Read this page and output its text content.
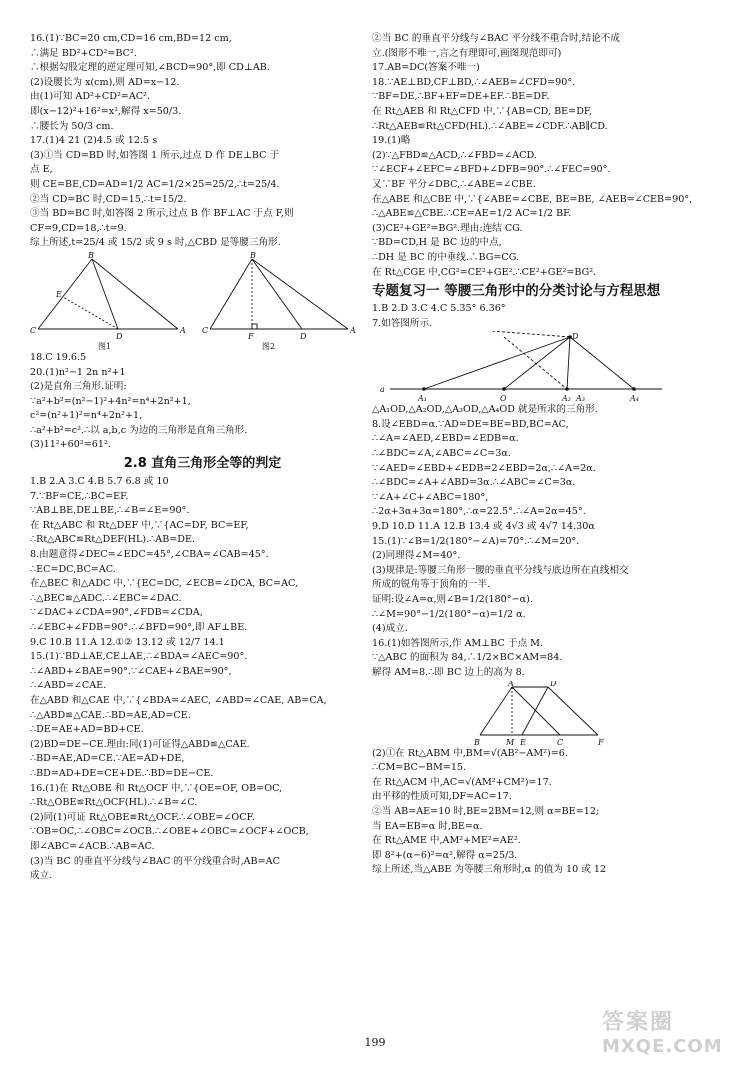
16.(1)∵BC=20 cm,CD=16 cm,BD=12 cm,
∴满足 BD²+CD²=BC².
∴根据勾股定理的逆定理可知,∠BCD=90°,即 CD⊥AB.
(2)设腰长为 x(cm),则 AD=x−12.
由(1)可知 AD²+CD²=AC².
即(x−12)²+16²=x²,解得 x=50/3.
∴腰长为 50/3 cm.
17.(1)4 21 (2)4.5 或 12.5 s
(3)①当 CD=BD 时,如答图 1 所示,过点 D 作 DE⊥BC 于
点 E,
则 CE=BE,CD=AD=1/2 AC=1/2×25=25/2,∴t=25/4.
②当 CD=BC 时,CD=15,∴t=15/2.
③当 BD=BC 时,如答图 2 所示,过点 B 作 BF⊥AC 于点 F,则
CF=9,CD=18,∴t=9.
综上所述,t=25/4 或 15/2 或 9 s 时,△CBD 是等腰三角形.
B
E
C
D
A
图1
B
C
F	D
A
图2
18.C 19.6.5
20.(1)n²−1 2n n²+1
(2)是直角三角形.证明:
∵a²+b²=(n²−1)²+4n²=n⁴+2n²+1,
c²=(n²+1)²=n⁴+2n²+1,
∴a²+b²=c².∴以 a,b,c 为边的三角形是直角三角形.
(3)11²+60²=61².
2.8 直角三角形全等的判定
1.B 2.A 3.C 4.B 5.7 6.8 或 10
7.∵BF=CE,∴BC=EF.
∵AB⊥BE,DE⊥BE,∴∠B=∠E=90°.
在 Rt△ABC 和 Rt△DEF 中,∵{AC=DF, BC=EF,
∴Rt△ABC≌Rt△DEF(HL).∴AB=DE.
8.由题意得∠DEC=∠EDC=45°,∠CBA=∠CAB=45°.
∴EC=DC,BC=AC.
在△BEC 和△ADC 中,∵{EC=DC, ∠ECB=∠DCA, BC=AC,
∴△BEC≌△ADC.∴∠EBC=∠DAC.
∵∠DAC+∠CDA=90°,∠FDB=∠CDA,
∴∠EBC+∠FDB=90°.∴∠BFD=90°,即 AF⊥BE.
9.C 10.B 11.A 12.①② 13.12 或 12/7 14.1
15.(1)∵BD⊥AE,CE⊥AE,∴∠BDA=∠AEC=90°.
∴∠ABD+∠BAE=90°.∵∠CAE+∠BAE=90°,
∴∠ABD=∠CAE.
在△ABD 和△CAE 中,∵{∠BDA=∠AEC, ∠ABD=∠CAE, AB=CA,
∴△ABD≌△CAE.∴BD=AE,AD=CE.
∴DE=AE+AD=BD+CE.
(2)BD=DE−CE.理由:同(1)可证得△ABD≌△CAE.
∴BD=AE,AD=CE.∵AE=AD+DE,
∴BD=AD+DE=CE+DE.∴BD=DE−CE.
16.(1)在 Rt△OBE 和 Rt△OCF 中,∵{OE=OF, OB=OC,
∴Rt△OBE≌Rt△OCF(HL).∴∠B=∠C.
(2)同(1)可证 Rt△OBE≌Rt△OCF.∴∠OBE=∠OCF.
∵OB=OC,∴∠OBC=∠OCB.∴∠OBE+∠OBC=∠OCF+∠OCB,
即∠ABC=∠ACB.∴AB=AC.
(3)当 BC 的垂直平分线与∠BAC 的平分线重合时,AB=AC
成立.
②当 BC 的垂直平分线与∠BAC 平分线不重合时,结论不成
立.(图形不唯一,言之有理即可,画图现范即可)
17.AB=DC(答案不唯一)
18.∵AE⊥BD,CF⊥BD,∴∠AEB=∠CFD=90°.
∵BF=DE,∴BF+EF=DE+EF.∴BE=DF.
在 Rt△AEB 和 Rt△CFD 中,∵{AB=CD, BE=DF,
∴Rt△AEB≌Rt△CFD(HL).∴∠ABE=∠CDF.∴AB∥CD.
19.(1)略
(2)∵△FBD≌△ACD,∴∠FBD=∠ACD.
∵∠ECF+∠EFC=∠BFD+∠DFB=90°.∴∠FEC=90°.
又∵BF 平分∠DBC,∴∠ABE=∠CBE.
在△ABE 和△CBE 中,∵{∠ABE=∠CBE, BE=BE, ∠AEB=∠CEB=90°,
∴△ABE≌△CBE.∴CE=AE=1/2 AC=1/2 BF.
(3)CE²+GE²=BG².理由:连结 CG.
∵BD=CD,H 是 BC 边的中点,
∴DH 是 BC 的中垂线.∴BG=CG.
在 Rt△CGE 中,CG²=CE²+GE².∴CE²+GE²=BG².
专题复习一 等腰三角形中的分类讨论与方程思想
1.B 2.D 3.C 4.C 5.35° 6.36°
7.如答图所示.
D
a
A₁	O	A₂ A₃	A₄
△A₁OD,△A₂OD,△A₃OD,△A₄OD 就是所求的三角形.
8.设∠EBD=α.∵AD=DE=BE=BD,BC=AC,
∴∠A=∠AED,∠EBD=∠EDB=α.
∴∠BDC=∠A,∠ABC=∠C=3α.
∵∠AED=∠EBD+∠EDB=2∠EBD=2α,∴∠A=2α.
∴∠BDC=∠A+∠ABD=3α.∴∠ABC=∠C=3α.
∵∠A+∠C+∠ABC=180°,
∴2α+3α+3α=180°,∴α=22.5°.∴∠A=2α=45°.
9.D 10.D 11.A 12.B 13.4 或 4√3 或 4√7 14.30α
15.(1)∵∠B=1/2(180°−∠A)=70°.∴∠M=20°.
(2)同理得∠M=40°.
(3)规律是:等腰三角形一腰的垂直平分线与底边所在直线相交
所成的锐角等于顶角的一半.
证明:设∠A=α,则∠B=1/2(180°−α).
∴∠M=90°−1/2(180°−α)=1/2 α.
(4)成立.
16.(1)如答图所示,作 AM⊥BC 于点 M.
∵△ABC 的面积为 84,∴1/2×BC×AM=84.
解得 AM=8.∴即 BC 边上的高为 8.
A	D
B	M E	C	F
(2)①在 Rt△ABM 中,BM=√(AB²−AM²)=6.
∴CM=BC−BM=15.
在 Rt△ACM 中,AC=√(AM²+CM²)=17.
由平移的性质可知,DF=AC=17.
②当 AB=AE=10 时,BE=2BM=12,则 α=BE=12;
当 EA=EB=α 时,BE=α.
在 Rt△AME 中,AM²+ME²=AE².
即 8²+(α−6)²=α²,解得 α=25/3.
综上所述,当△ABE 为等腰三角形时,α 的值为 10 或 12
199
答案圈
MXQE.COM
